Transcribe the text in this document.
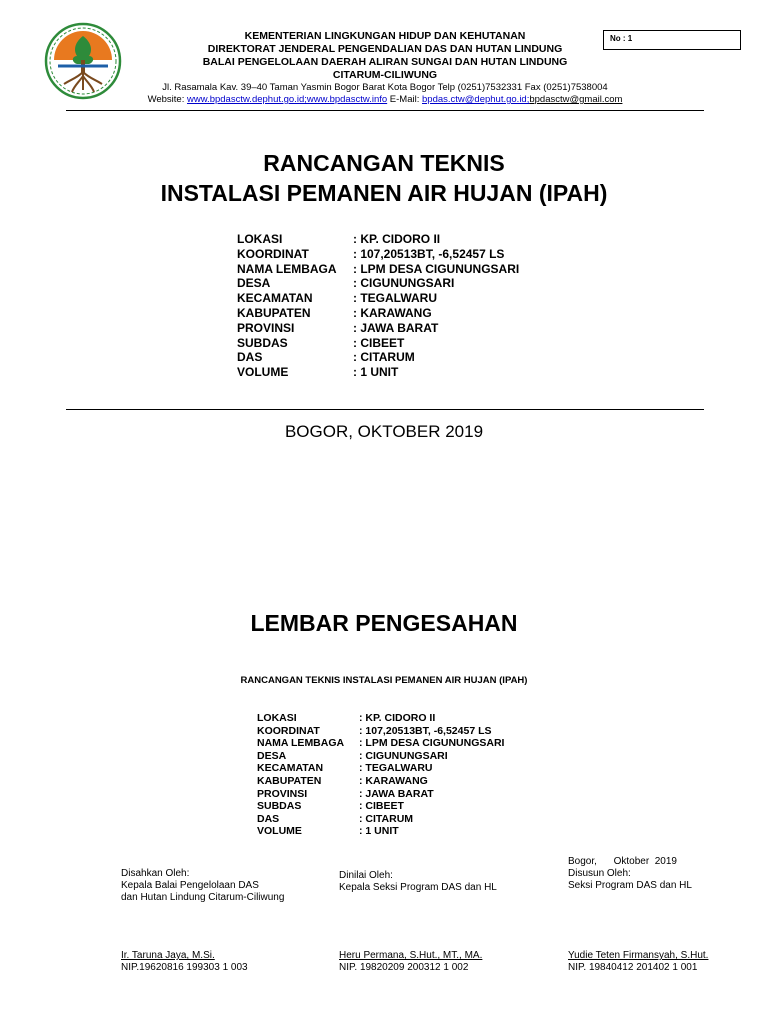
KEMENTERIAN LINGKUNGAN HIDUP DAN KEHUTANAN
DIREKTORAT JENDERAL PENGENDALIAN DAS DAN HUTAN LINDUNG
BALAI PENGELOLAAN DAERAH ALIRAN SUNGAI DAN HUTAN LINDUNG
CITARUM-CILIWUNG
Jl. Rasamala Kav. 39–40 Taman Yasmin Bogor Barat Kota Bogor Telp (0251)7532331 Fax (0251)7538004
Website: www.bpdasctw.dephut.go.id;www.bpdasctw.info E-Mail: bpdas.ctw@dephut.go.id;bpdasctw@gmail.com
No : 1
RANCANGAN TEKNIS
INSTALASI PEMANEN AIR HUJAN (IPAH)
LOKASI	: KP. CIDORO II
KOORDINAT	: 107,20513BT, -6,52457 LS
NAMA LEMBAGA	: LPM DESA CIGUNUNGSARI
DESA	: CIGUNUNGSARI
KECAMATAN	: TEGALWARU
KABUPATEN	: KARAWANG
PROVINSI	: JAWA BARAT
SUBDAS	: CIBEET
DAS	: CITARUM
VOLUME	: 1 UNIT
BOGOR, OKTOBER 2019
LEMBAR PENGESAHAN
RANCANGAN TEKNIS INSTALASI PEMANEN AIR HUJAN (IPAH)
LOKASI	: KP. CIDORO II
KOORDINAT	: 107,20513BT, -6,52457 LS
NAMA LEMBAGA	: LPM DESA CIGUNUNGSARI
DESA	: CIGUNUNGSARI
KECAMATAN	: TEGALWARU
KABUPATEN	: KARAWANG
PROVINSI	: JAWA BARAT
SUBDAS	: CIBEET
DAS	: CITARUM
VOLUME	: 1 UNIT
Disahkan Oleh:
Kepala Balai Pengelolaan DAS
dan Hutan Lindung Citarum-Ciliwung
Dinilai Oleh:
Kepala Seksi Program DAS dan HL
Bogor,      Oktober  2019
Disusun Oleh:
Seksi Program DAS dan HL
Ir. Taruna Jaya, M.Si.
NIP.19620816 199303 1 003
Heru Permana, S.Hut., MT., MA.
NIP. 19820209 200312 1 002
Yudie Teten Firmansyah, S.Hut.
NIP. 19840412 201402 1 001
